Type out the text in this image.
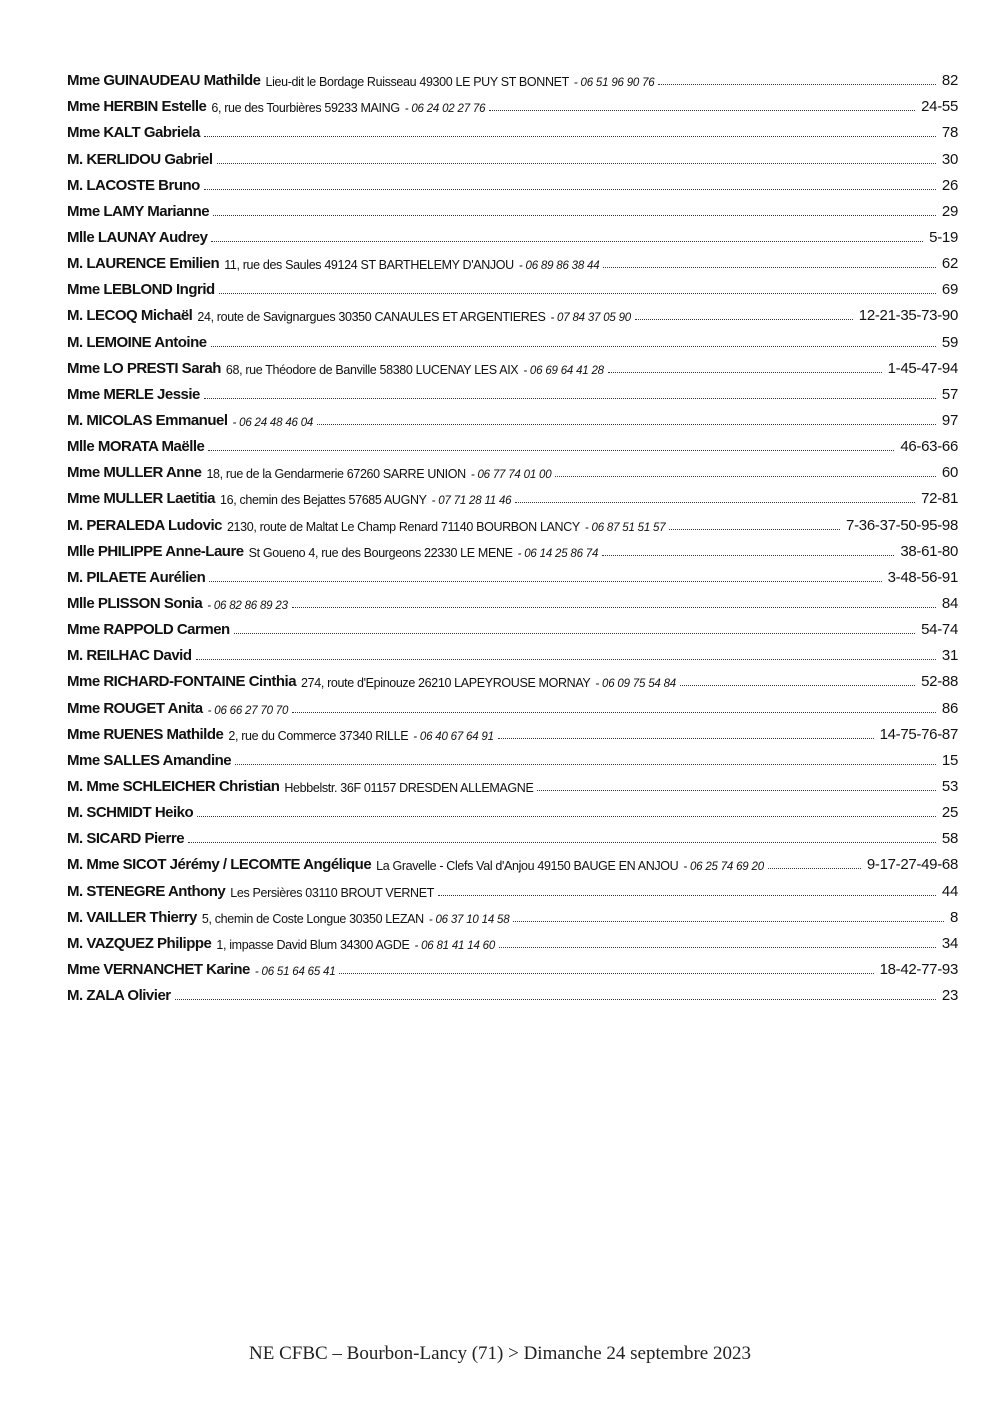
Mme GUINAUDEAU Mathilde Lieu-dit le Bordage Ruisseau 49300 LE PUY ST BONNET - 06 51 96 90 76	82
Mme HERBIN Estelle 6, rue des Tourbières 59233 MAING - 06 24 02 27 76	24-55
Mme KALT Gabriela	78
M. KERLIDOU Gabriel	30
M. LACOSTE Bruno	26
Mme LAMY Marianne	29
Mlle LAUNAY Audrey	5-19
M. LAURENCE Emilien 11, rue des Saules 49124 ST BARTHELEMY D'ANJOU - 06 89 86 38 44	62
Mme LEBLOND Ingrid	69
M. LECOQ Michaël 24, route de Savignargues 30350 CANAULES ET ARGENTIERES - 07 84 37 05 90	12-21-35-73-90
M. LEMOINE Antoine	59
Mme LO PRESTI Sarah 68, rue Théodore de Banville 58380 LUCENAY LES AIX - 06 69 64 41 28	1-45-47-94
Mme MERLE Jessie	57
M. MICOLAS Emmanuel - 06 24 48 46 04	97
Mlle MORATA Maëlle	46-63-66
Mme MULLER Anne 18, rue de la Gendarmerie 67260 SARRE UNION - 06 77 74 01 00	60
Mme MULLER Laetitia 16, chemin des Bejattes 57685 AUGNY - 07 71 28 11 46	72-81
M. PERALEDA Ludovic 2130, route de Maltat Le Champ Renard 71140 BOURBON LANCY - 06 87 51 51 57	7-36-37-50-95-98
Mlle PHILIPPE Anne-Laure St Goueno 4, rue des Bourgeons 22330 LE MENE - 06 14 25 86 74	38-61-80
M. PILAETE Aurélien	3-48-56-91
Mlle PLISSON Sonia - 06 82 86 89 23	84
Mme RAPPOLD Carmen	54-74
M. REILHAC David	31
Mme RICHARD-FONTAINE Cinthia 274, route d'Epinouze 26210 LAPEYROUSE MORNAY - 06 09 75 54 84	52-88
Mme ROUGET Anita - 06 66 27 70 70	86
Mme RUENES Mathilde 2, rue du Commerce 37340 RILLE - 06 40 67 64 91	14-75-76-87
Mme SALLES Amandine	15
M. Mme SCHLEICHER Christian Hebbelstr. 36F 01157 DRESDEN ALLEMAGNE	53
M. SCHMIDT Heiko	25
M. SICARD Pierre	58
M. Mme SICOT Jérémy / LECOMTE Angélique La Gravelle - Clefs Val d'Anjou 49150 BAUGE EN ANJOU - 06 25 74 69 20	9-17-27-49-68
M. STENEGRE Anthony Les Persières 03110 BROUT VERNET	44
M. VAILLER Thierry 5, chemin de Coste Longue 30350 LEZAN - 06 37 10 14 58	8
M. VAZQUEZ Philippe 1, impasse David Blum 34300 AGDE - 06 81 41 14 60	34
Mme VERNANCHET Karine - 06 51 64 65 41	18-42-77-93
M. ZALA Olivier	23
NE CFBC – Bourbon-Lancy (71) > Dimanche 24 septembre 2023
